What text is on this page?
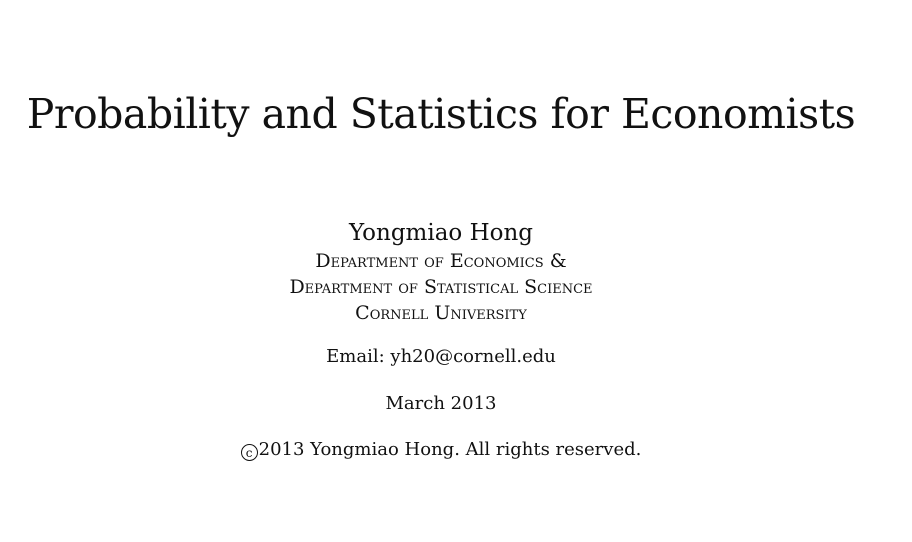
Probability and Statistics for Economists
Yongmiao Hong
Department of Economics &
Department of Statistical Science
Cornell University
Email: yh20@cornell.edu
March 2013
c 2013 Yongmiao Hong. All rights reserved.
